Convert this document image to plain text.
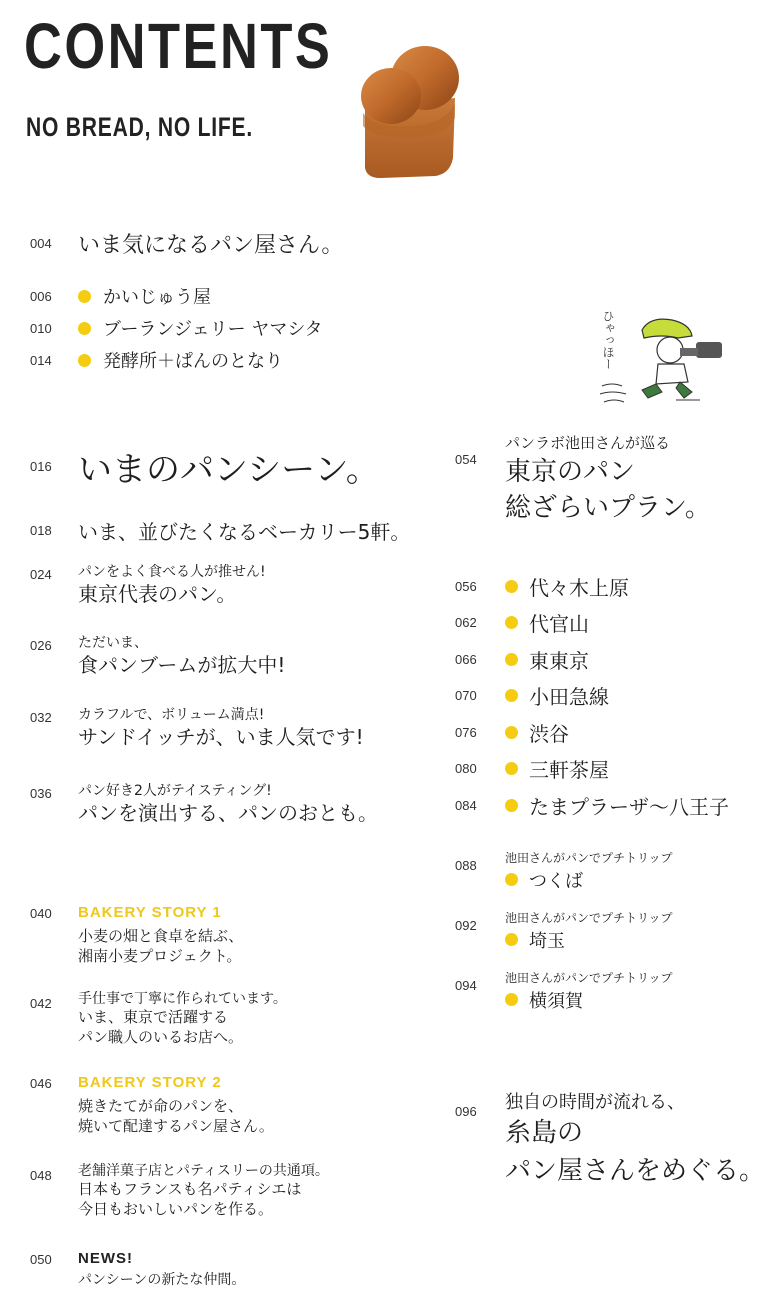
CONTENTS
NO BREAD, NO LIFE.
004	いま気になるパン屋さん。
006	かいじゅう屋
010	ブーランジェリー ヤマシタ
014	発酵所＋ぱんのとなり	ひゃっほー
016 いまのパンシーン。
018	いま、並びたくなるベーカリー5軒。
024 パンをよく食べる人が推せん!
東京代表のパン。
026 ただいま、
食パンブームが拡大中!
032 カラフルで、ボリューム満点!
サンドイッチが、いま人気です!
036 パン好き2人がテイスティング!
パンを演出する、パンのおとも。
040 BAKERY STORY 1
小麦の畑と食卓を結ぶ、
湘南小麦プロジェクト。
042 手仕事で丁寧に作られています。
いま、東京で活躍する
パン職人のいるお店へ。
046 BAKERY STORY 2
焼きたてが命のパンを、
焼いて配達するパン屋さん。
048 老舗洋菓子店とパティスリーの共通項。
日本もフランスも名パティシエは
今日もおいしいパンを作る。
050 NEWS!
パンシーンの新たな仲間。
054
パンラボ池田さんが巡る
東京のパン
総ざらいプラン。
056	代々木上原
062	代官山
066	東東京
070	小田急線
076	渋谷
080	三軒茶屋
084	たまプラーザ〜八王子
088 池田さんがパンでプチトリップ
つくば
092 池田さんがパンでプチトリップ
埼玉
094 池田さんがパンでプチトリップ
横須賀
096 独自の時間が流れる、
糸島の
パン屋さんをめぐる。
